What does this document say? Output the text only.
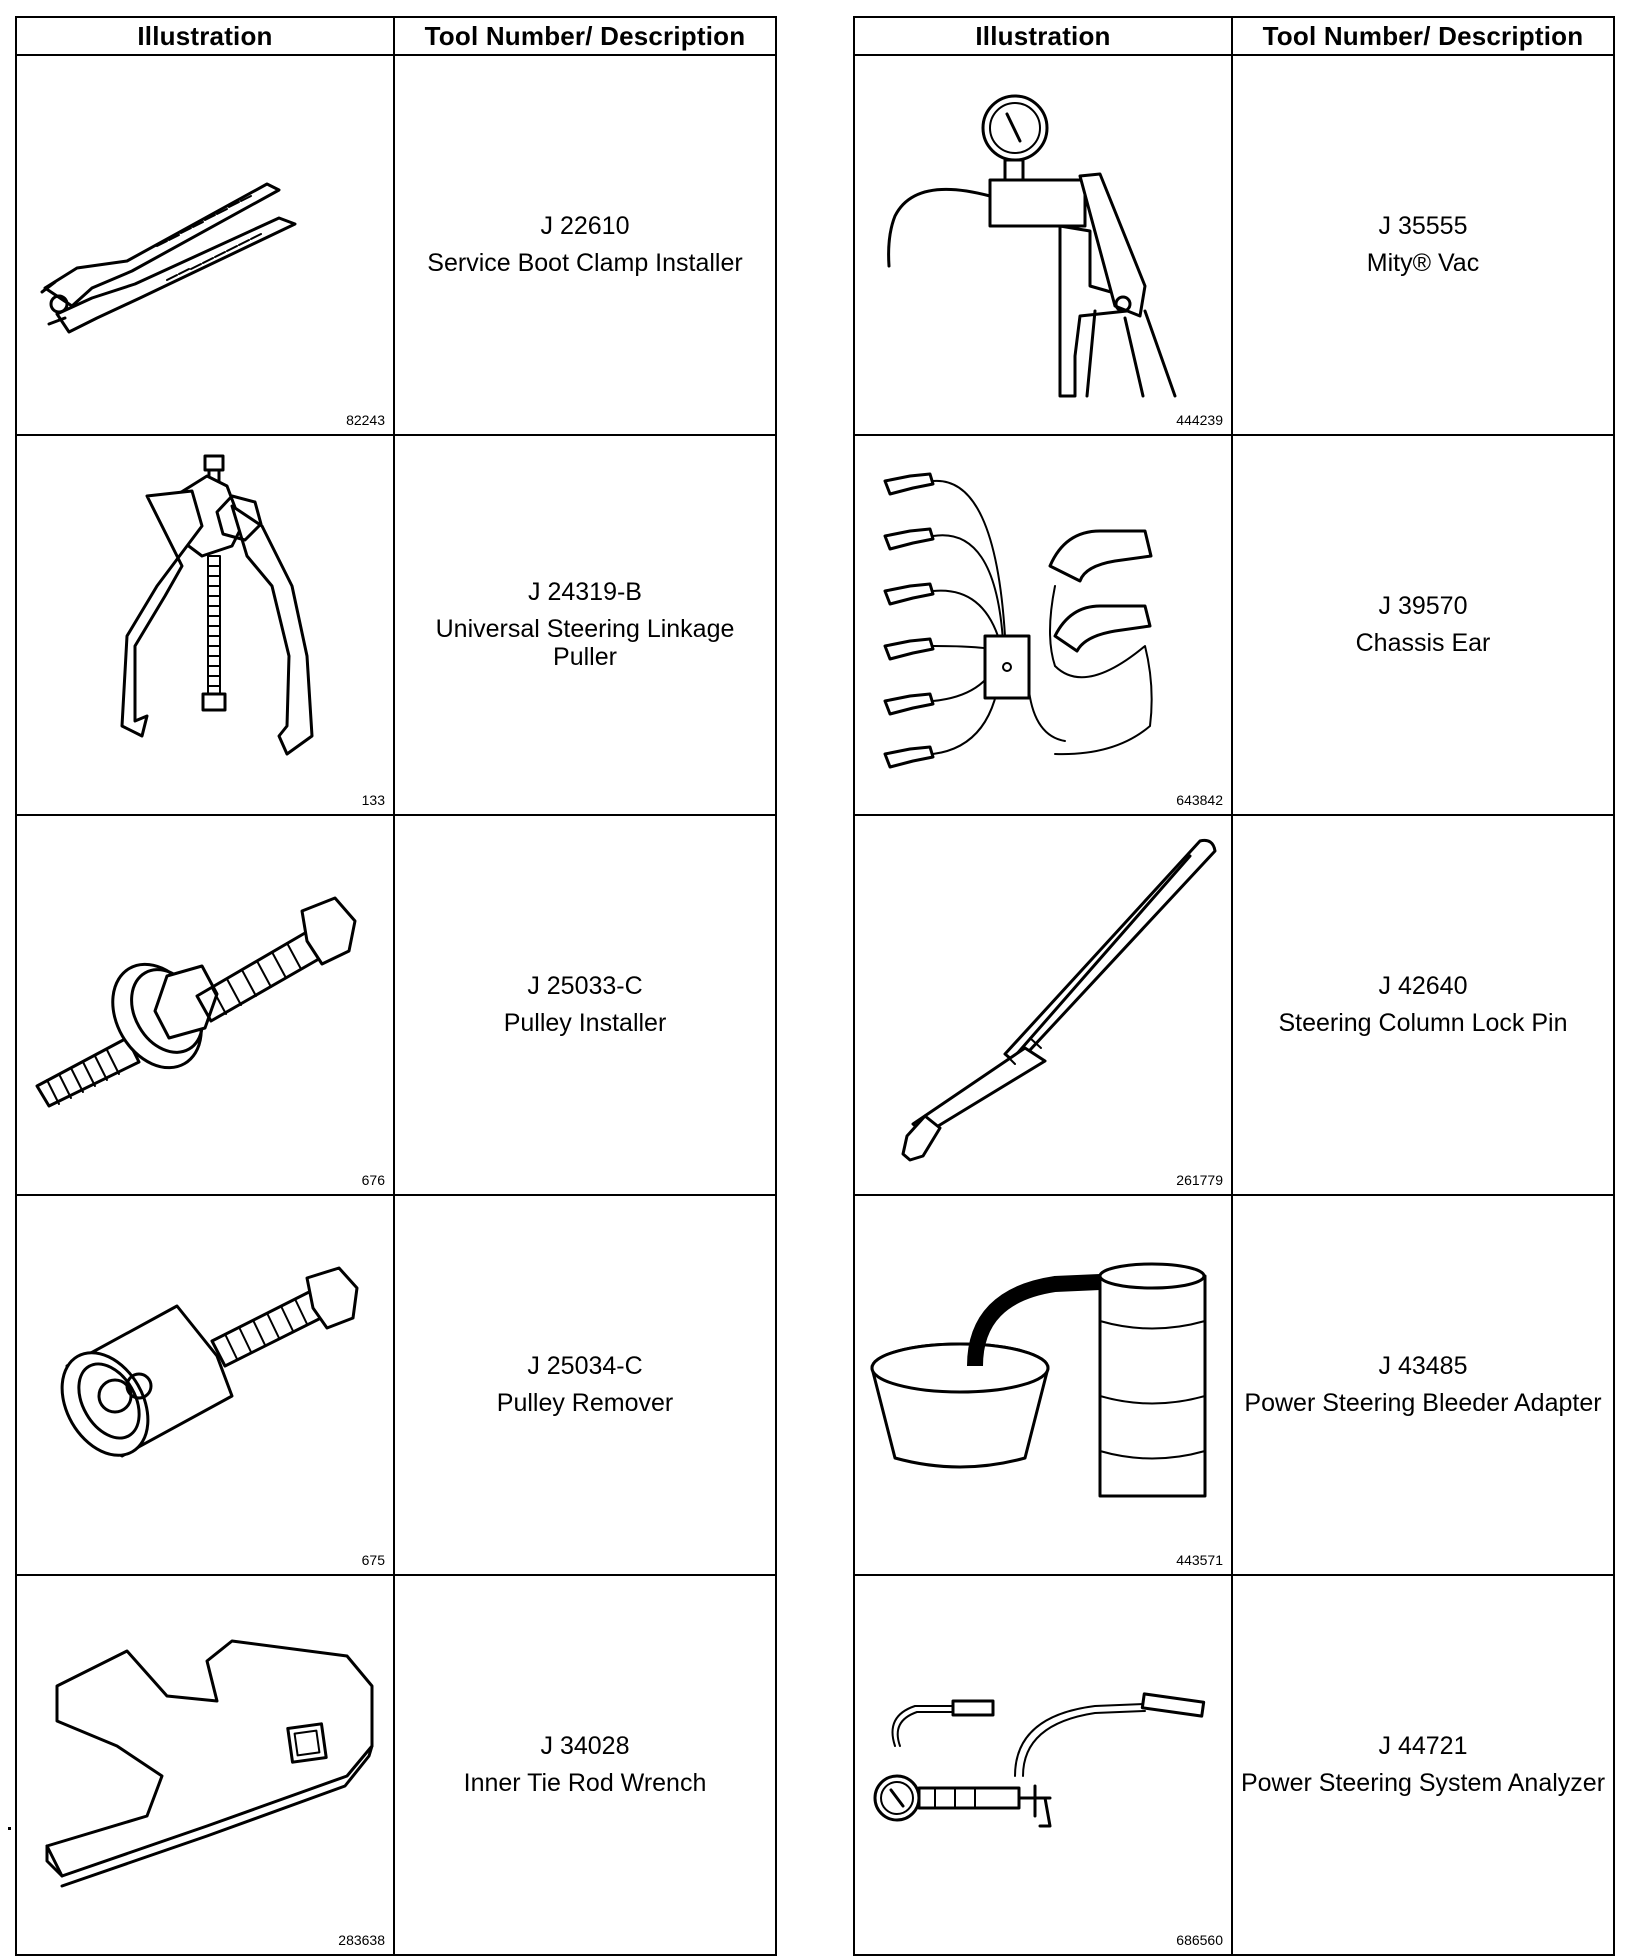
Illustration	Tool Number/ Description

82243	J 22610
Service Boot Clamp Installer

133	J 24319-B
Universal Steering Linkage Puller

676	J 25033-C
Pulley Installer

675	J 25034-C
Pulley Remover

283638	J 34028
Inner Tie Rod Wrench
Illustration	Tool Number/ Description

444239	J 35555
Mity® Vac

643842	J 39570
Chassis Ear

261779	J 42640
Steering Column Lock Pin

443571	J 43485
Power Steering Bleeder Adapter

686560	J 44721
Power Steering System Analyzer
